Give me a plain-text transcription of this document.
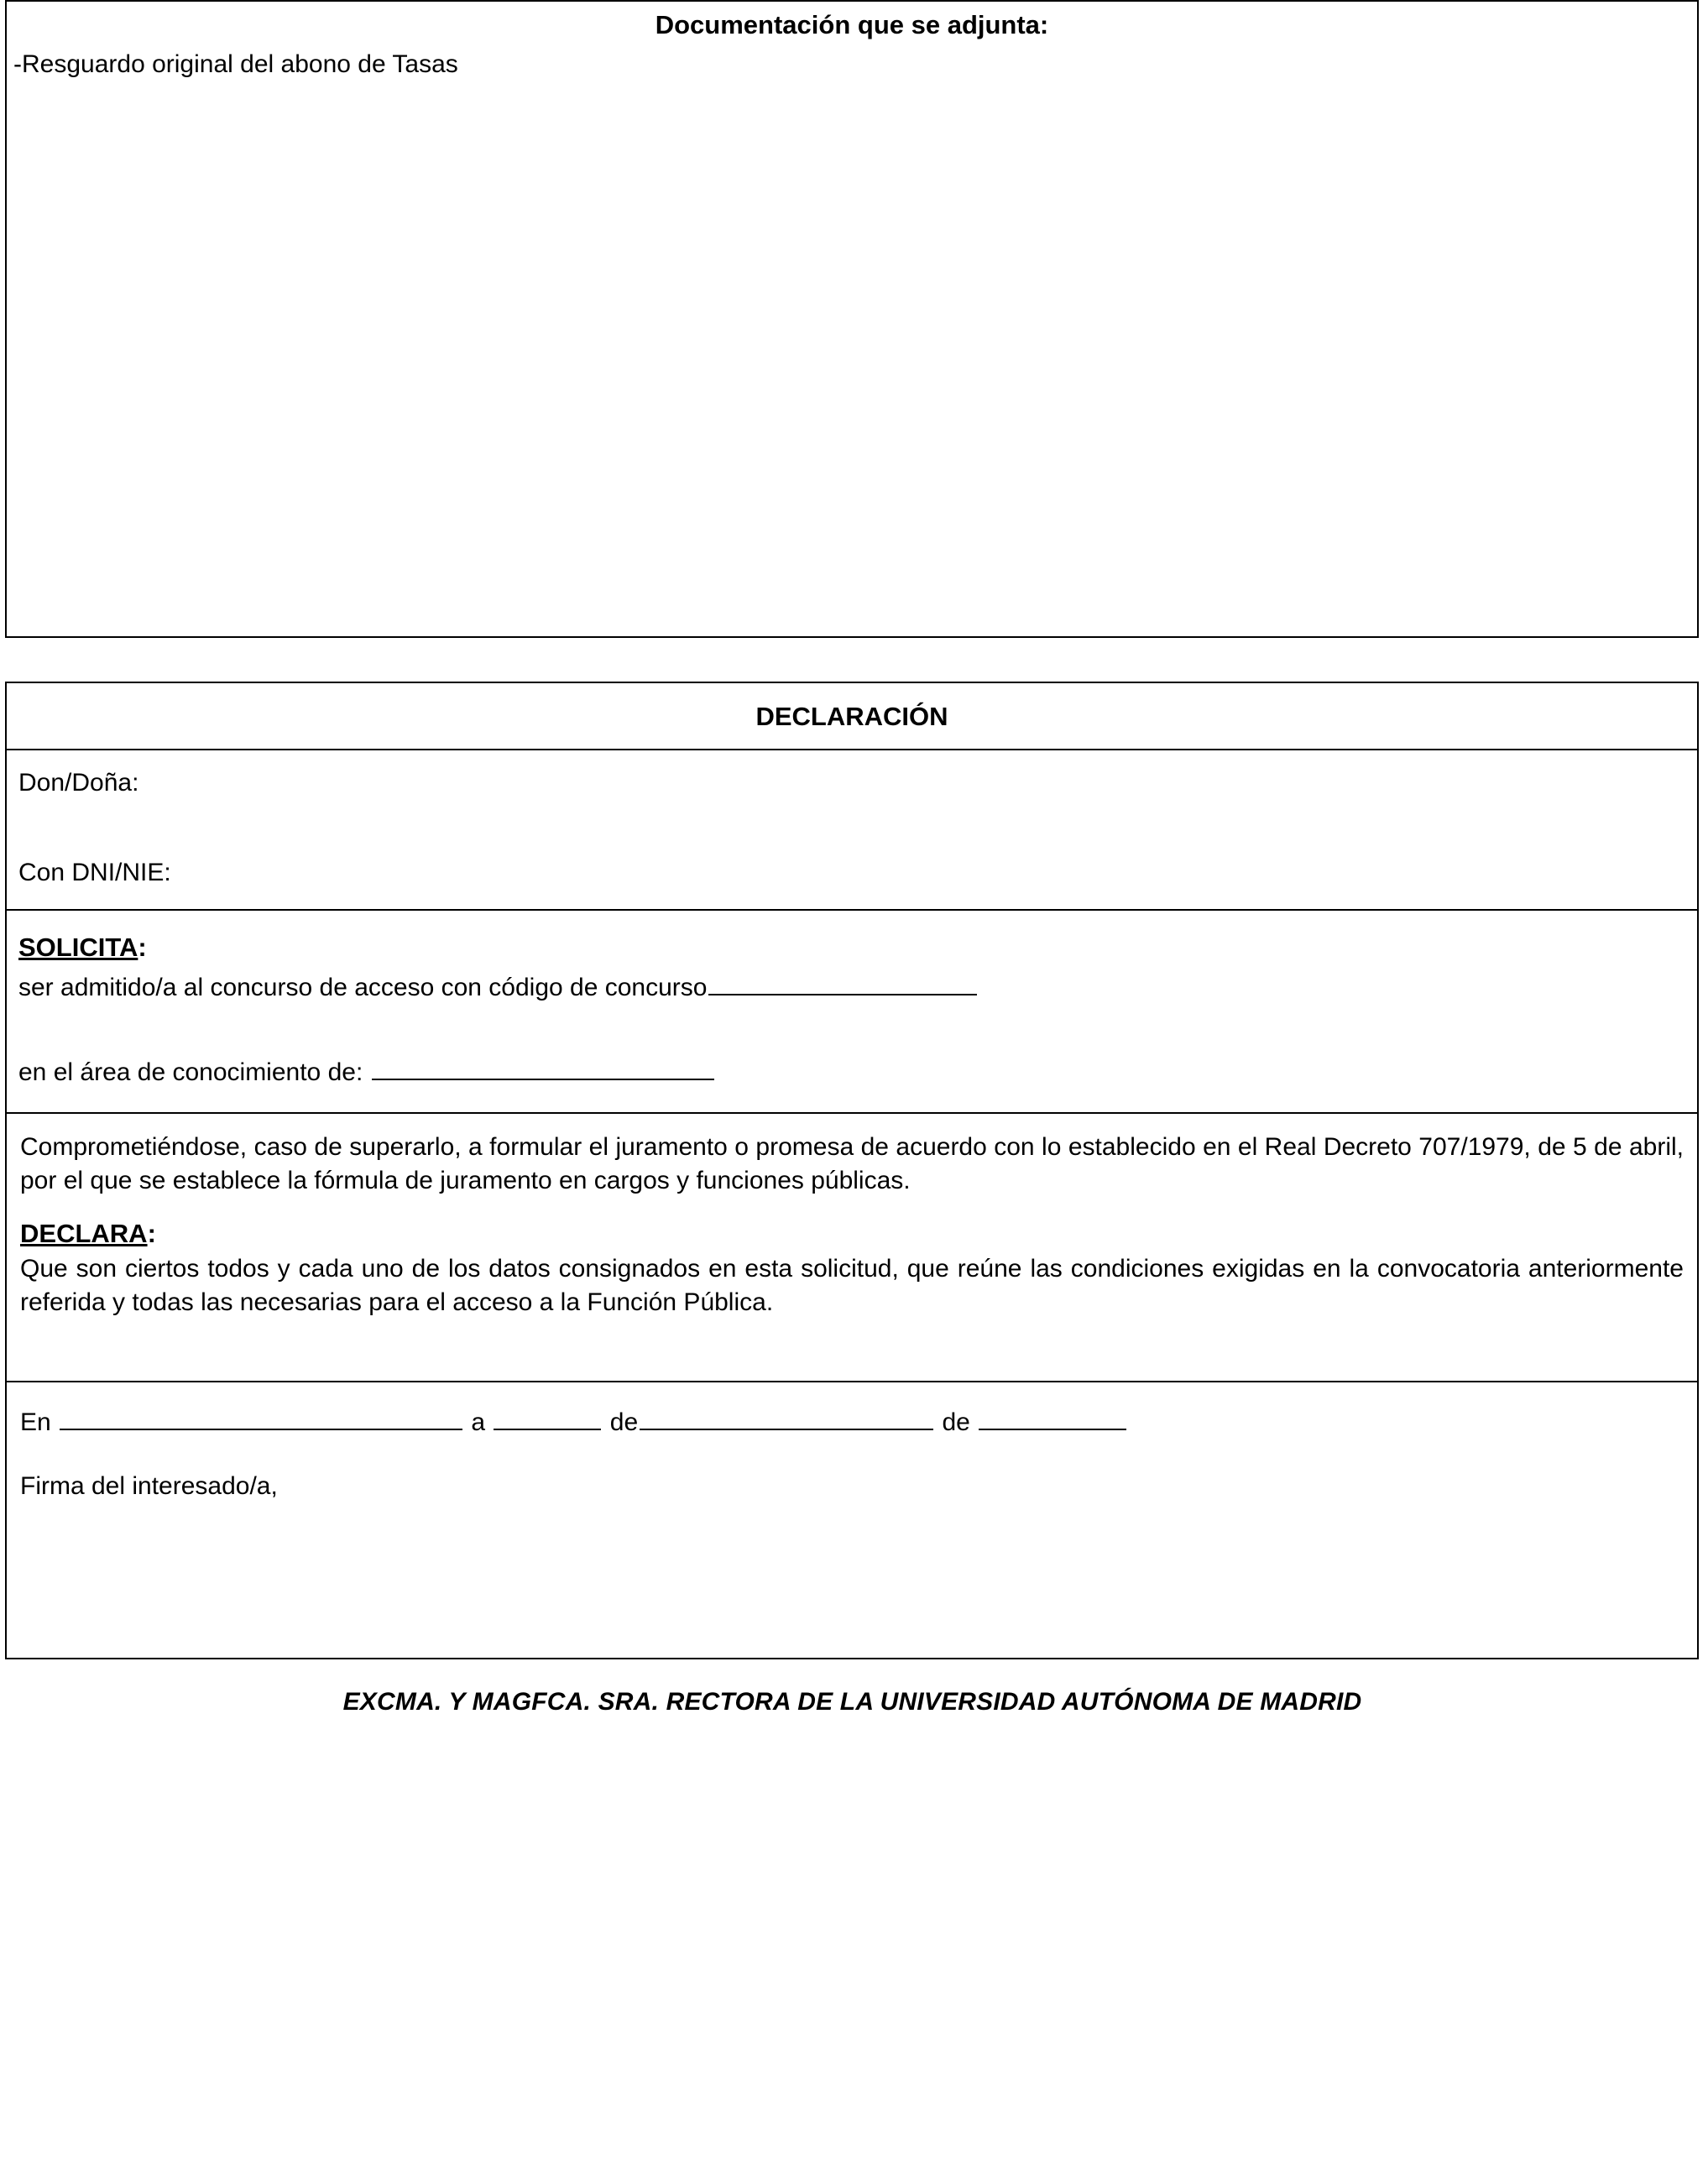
Documentación que se adjunta:
-Resguardo original del abono de Tasas
DECLARACIÓN
Don/Doña:
Con DNI/NIE:
SOLICITA:
ser admitido/a al concurso de acceso con código de concurso
en el área de conocimiento de:
Comprometiéndose, caso de superarlo, a formular el juramento o promesa de acuerdo con lo establecido en el Real Decreto 707/1979, de 5 de abril, por el que se establece la fórmula de juramento en cargos y funciones públicas.
DECLARA:
Que son ciertos todos y cada uno de los datos consignados en esta solicitud, que reúne las condiciones exigidas en la convocatoria anteriormente referida y todas las necesarias para el acceso a la Función Pública.
En	a	de	de
Firma del interesado/a,
EXCMA. Y MAGFCA. SRA. RECTORA DE LA UNIVERSIDAD AUTÓNOMA DE MADRID
